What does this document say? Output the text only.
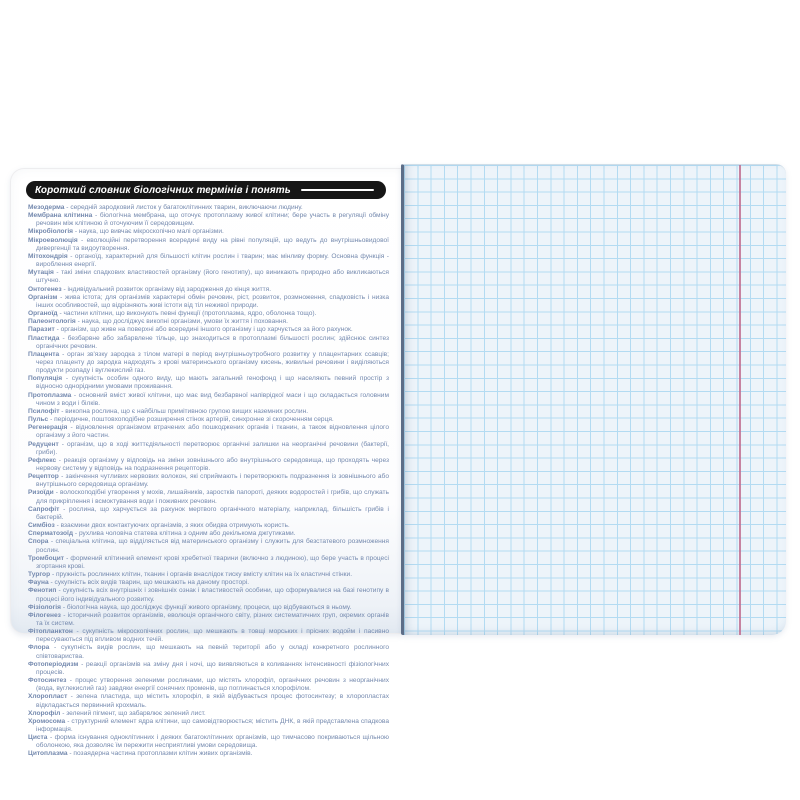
Короткий словник біологічних термінів і понять

Мезодерма - середній зародковий листок у багатоклітинних тварин, виключаючи людину.

Мембрана клітинна - біологічна мембрана, що оточує протоплазму живої клітини; бере участь в регуляції обміну речовин між клітиною й оточуючим її середовищем.

Мікробіологія - наука, що вивчає мікроскопічно малі організми.

Мікроеволюція - еволюційні перетворення всередині виду на рівні популяцій, що ведуть до внутрішньовидової дивергенції та видоутворення.

Мітохондрія - органоїд, характерний для більшості клітин рослин і тварин; має мінливу форму. Основна функція - вироблення енергії.

Мутація - такі зміни спадкових властивостей організму (його генотипу), що виникають природно або викликаються штучно.

Онтогенез - індивідуальний розвиток організму від зародження до кінця життя.

Організм - жива істота; для організмів характерні обмін речовин, ріст, розвиток, розмноження, спадковість і низка інших особливостей, що відрізняють живі істоти від тіл неживої природи.

Органоїд - частини клітини, що виконують певні функції (протоплазма, ядро, оболонка тощо).

Палеонтологія - наука, що досліджує викопні організми, умови їх життя і поховання.

Паразит - організм, що живе на поверхні або всередині іншого організму і що харчується за його рахунок.

Пластида - безбарвне або забарвлене тільце, що знаходиться в протоплазмі більшості рослин; здійснює синтез органічних речовин.

Плацента - орган зв'язку зародка з тілом матері в період внутрішньоутробного розвитку у плацентарних ссавців; через плаценту до зародка надходять з крові материнського організму кисень, живильні речовини і виділяються продукти розпаду і вуглекислий газ.

Популяція - сукупність особин одного виду, що мають загальний генофонд і що населяють певний простір з відносно однорідними умовами проживання.

Протоплазма - основний вміст живої клітини, що має вид безбарвної напіврідкої маси і що складається головним чином з води і білків.

Псилофіт - викопна рослина, що є найбільш примітивною групою вищих наземних рослин.

Пульс - періодичне, поштовхоподібне розширення стінок артерій, синхронне зі скороченням серця.

Регенерація - відновлення організмом втрачених або пошкоджених органів і тканин, а також відновлення цілого організму з його частин.

Редуцент - організм, що в ході життєдіяльності перетворює органічні залишки на неорганічні речовини (бактерії, гриби).

Рефлекс - реакція організму у відповідь на зміни зовнішнього або внутрішнього середовища, що проходять через нервову систему у відповідь на подразнення рецепторів.

Рецептор - закінчення чутливих нервових волокон, які сприймають і перетворюють подразнення із зовнішнього або внутрішнього середовища організму.

Ризоїди - волоскоподібні утворення у мохів, лишайників, заростків папороті, деяких водоростей і грибів, що служать для прикріплення і всмоктування води і поживних речовин.

Сапрофіт - рослина, що харчується за рахунок мертвого органічного матеріалу, наприклад, більшість грибів і бактерій.

Симбіоз - взаємини двох контактуючих організмів, з яких обидва отримують користь.

Сперматозоїд - рухлива чоловіча статева клітина з одним або декількома джгутиками.

Спора - спеціальна клітина, що відділяється від материнського організму і служить для безстатевого розмноження рослин.

Тромбоцит - формений клітинний елемент крові хребетної тварини (включно з людиною), що бере участь в процесі згортання крові.

Тургор - пружність рослинних клітин, тканин і органів внаслідок тиску вмісту клітин на їх еластичні стінки.

Фауна - сукупність всіх видів тварин, що мешкають на даному просторі.

Фенотип - сукупність всіх внутрішніх і зовнішніх ознак і властивостей особини, що сформувалися на базі генотипу в процесі його індивідуального розвитку.

Фізіологія - біологічна наука, що досліджує функції живого організму, процеси, що відбуваються в ньому.

Філогенез - історичний розвиток організмів, еволюція органічного світу, різних систематичних груп, окремих органів та їх систем.

Фітопланктон - сукупність мікроскопічних рослин, що мешкають в товщі морських і прісних водойм і пасивно пересуваються під впливом водних течій.

Флора - сукупність видів рослин, що мешкають на певній території або у складі конкретного рослинного співтовариства.

Фотоперіодизм - реакції організмів на зміну дня і ночі, що виявляються в коливаннях інтенсивності фізіологічних процесів.

Фотосинтез - процес утворення зеленими рослинами, що містять хлорофіл, органічних речовин з неорганічних (вода, вуглекислий газ) завдяки енергії сонячних променів, що поглинається хлорофілом.

Хлоропласт - зелена пластида, що містить хлорофіл, в якій відбувається процес фотосинтезу; в хлоропластах відкладається первинний крохмаль.

Хлорофіл - зелений пігмент, що забарвлює зелений лист.

Хромосома - структурний елемент ядра клітини, що самовідтворюється; містить ДНК, в якій представлена спадкова інформація.

Циста - форма існування одноклітинних і деяких багатоклітинних організмів, що тимчасово покриваються щільною оболонкою, яка дозволяє їм пережити несприятливі умови середовища.

Цитоплазма - позаядерна частина протоплазми клітин живих організмів.
